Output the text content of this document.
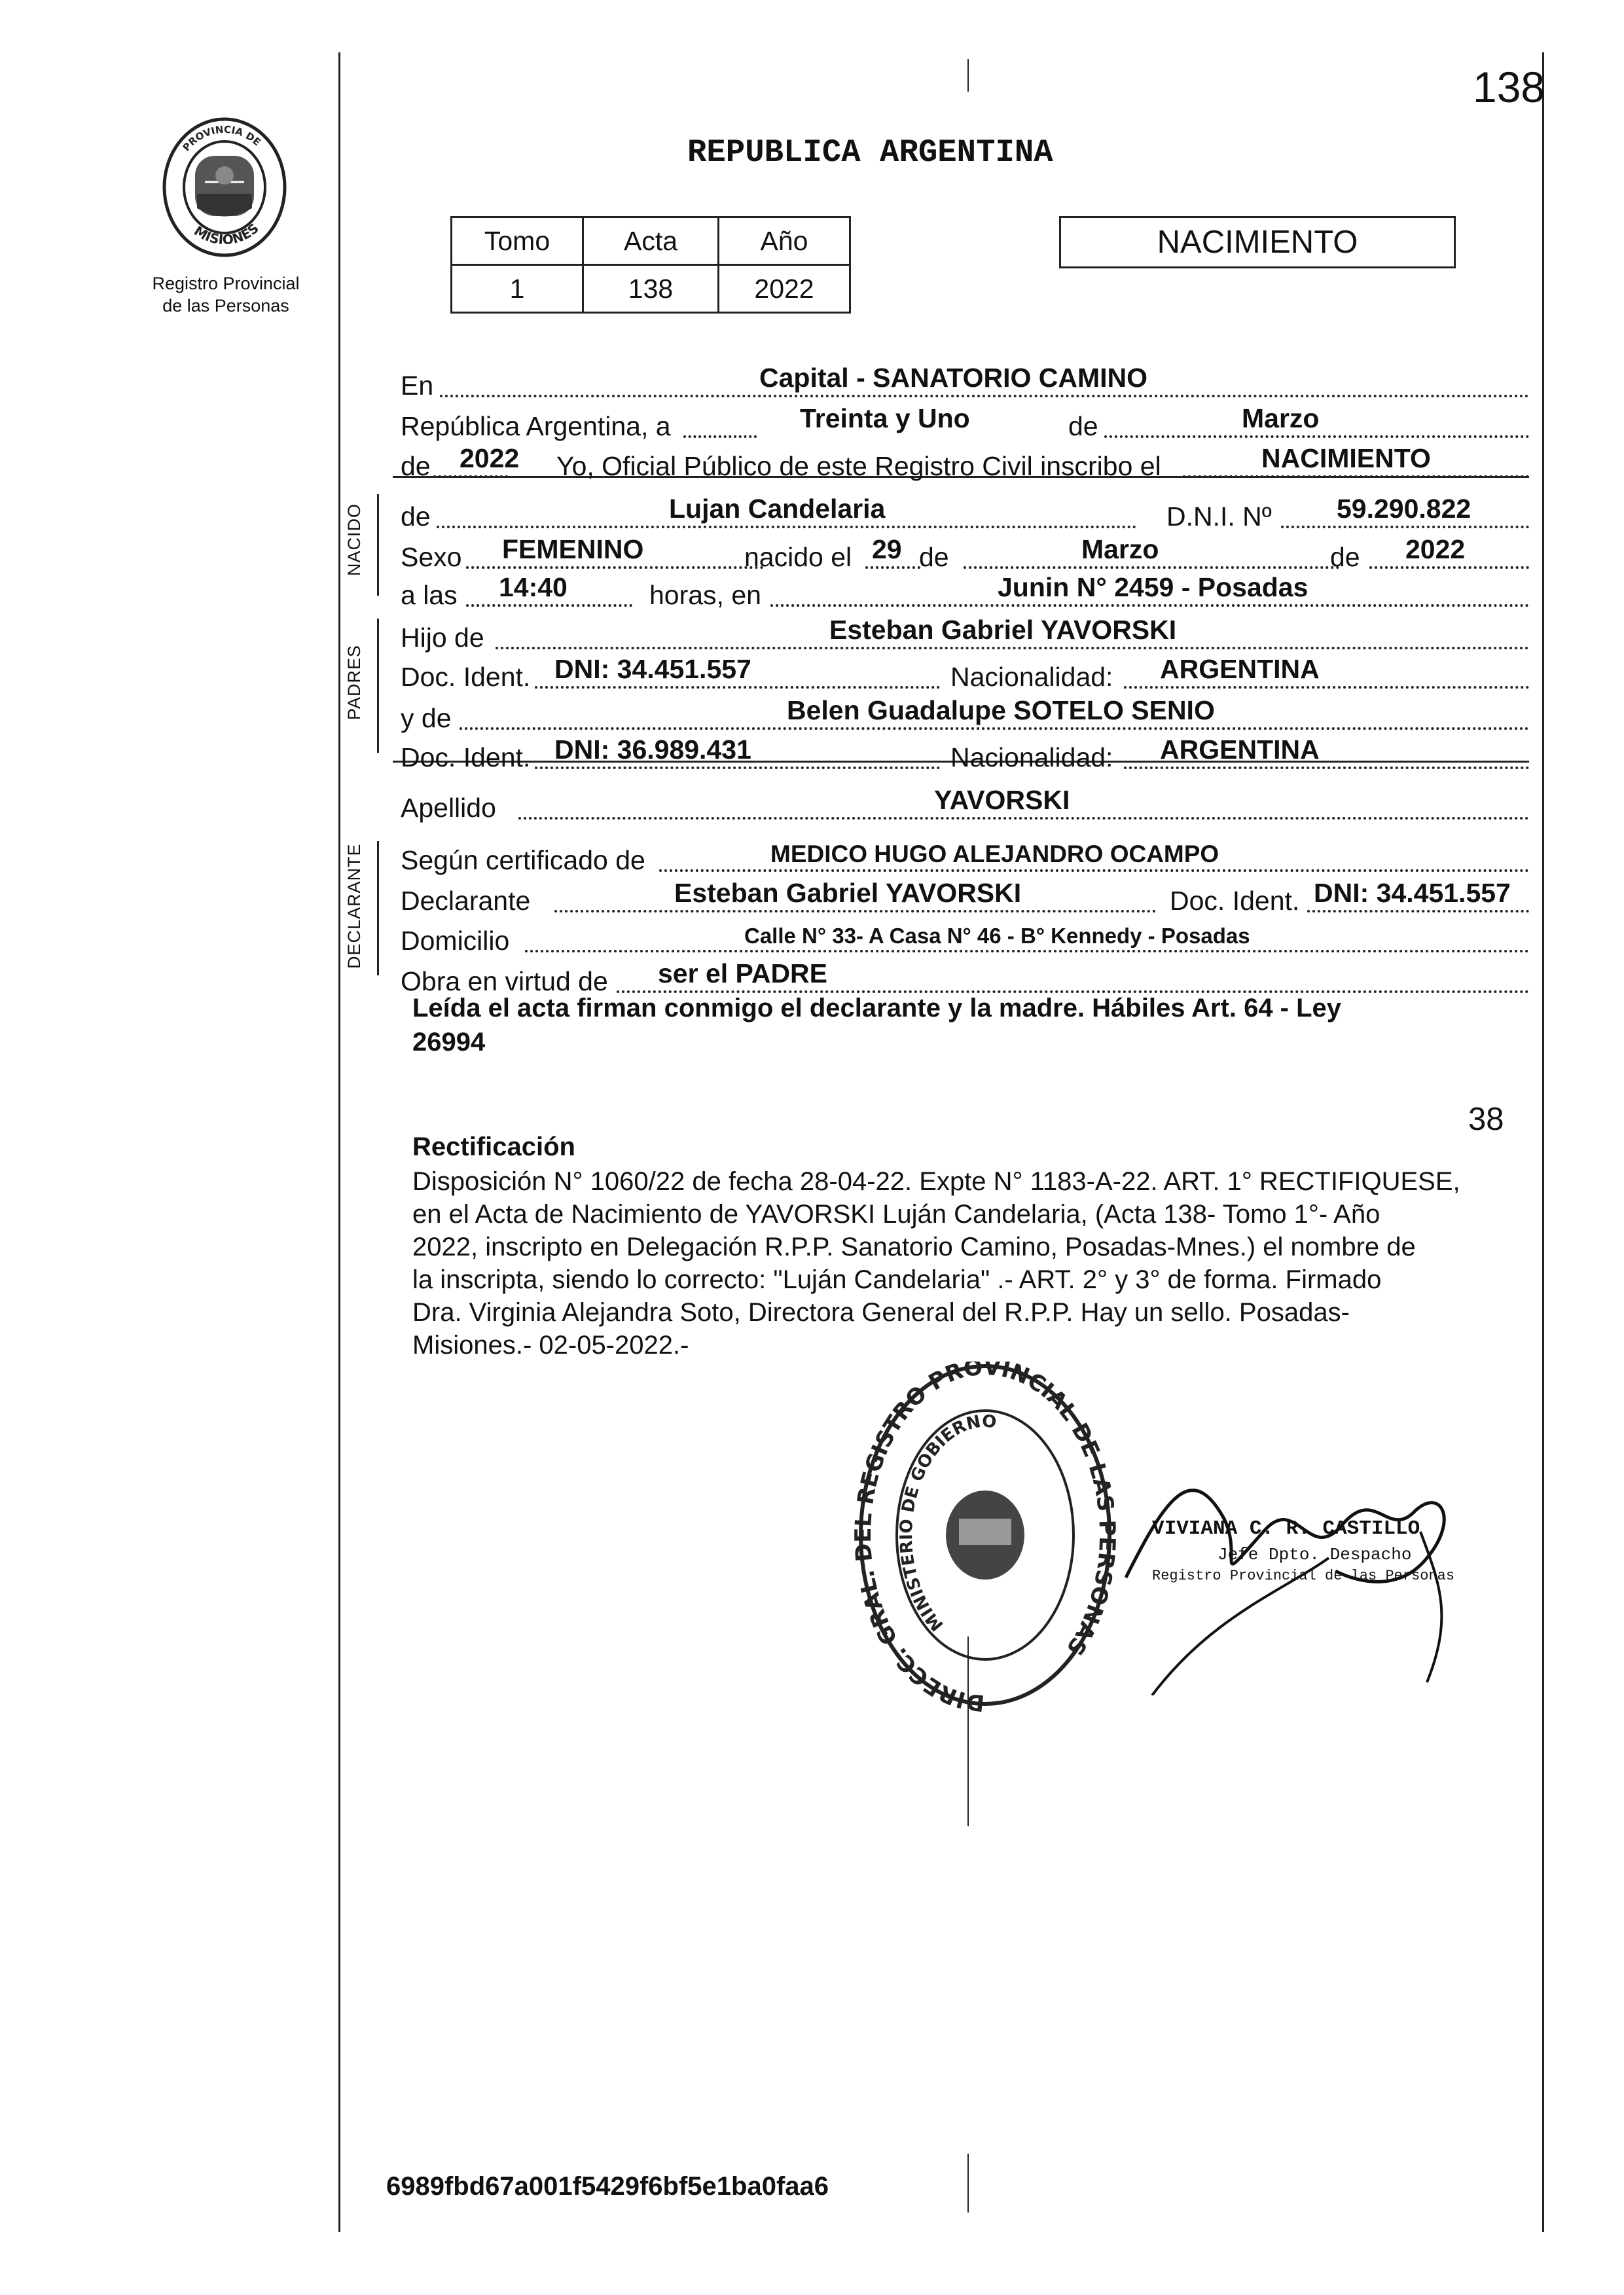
138
PROVINCIA DE
MISIONES
Registro Provincial
de las Personas
REPUBLICA ARGENTINA
Tomo	Acta	Año
1	138	2022
NACIMIENTO
NACIDO
PADRES
DECLARANTE
En	Capital - SANATORIO CAMINO
República Argentina, a	Treinta y Uno	de	Marzo
de 2022 Yo, Oficial Público de este Registro Civil inscribo el	NACIMIENTO
de	Lujan Candelaria	D.N.I. Nº 59.290.822
Sexo FEMENINO	nacido el 29 de	Marzo	de 2022
a las 14:40	horas, en	Junin N° 2459 - Posadas
Hijo de	Esteban Gabriel YAVORSKI
Doc. Ident. DNI: 34.451.557	Nacionalidad: ARGENTINA
y de	Belen Guadalupe SOTELO SENIO
Doc. Ident. DNI: 36.989.431	Nacionalidad: ARGENTINA
Apellido	YAVORSKI
Según certificado de	MEDICO HUGO ALEJANDRO OCAMPO
Declarante	Esteban Gabriel YAVORSKI	Doc. Ident. DNI: 34.451.557
Domicilio	Calle N° 33- A Casa N° 46 - B° Kennedy - Posadas
Obra en virtud de ser el PADRE
Leída el acta firman conmigo el declarante y la madre. Hábiles Art. 64 - Ley
26994
38
Rectificación
Disposición N° 1060/22 de fecha 28-04-22. Expte N° 1183-A-22. ART. 1° RECTIFIQUESE,
en el Acta de Nacimiento de YAVORSKI Luján Candelaria, (Acta 138- Tomo 1°- Año
2022, inscripto en Delegación R.P.P. Sanatorio Camino, Posadas-Mnes.) el nombre de
la inscripta, siendo lo correcto: "Luján Candelaria" .- ART. 2° y 3° de forma. Firmado
Dra. Virginia Alejandra Soto, Directora General del R.P.P. Hay un sello. Posadas-
Misiones.- 02-05-2022.-
DIRECC. GRAL. REGISTRO PROVINCIAL DE LAS SONAS
MINISTERIO DE GOBIERNO
VIVIANA C. R. CASTILLO
Jefe Dpto. Despacho
Registro Provincial de las Personas
6989fbd67a001f5429f6bf5e1ba0faa6
